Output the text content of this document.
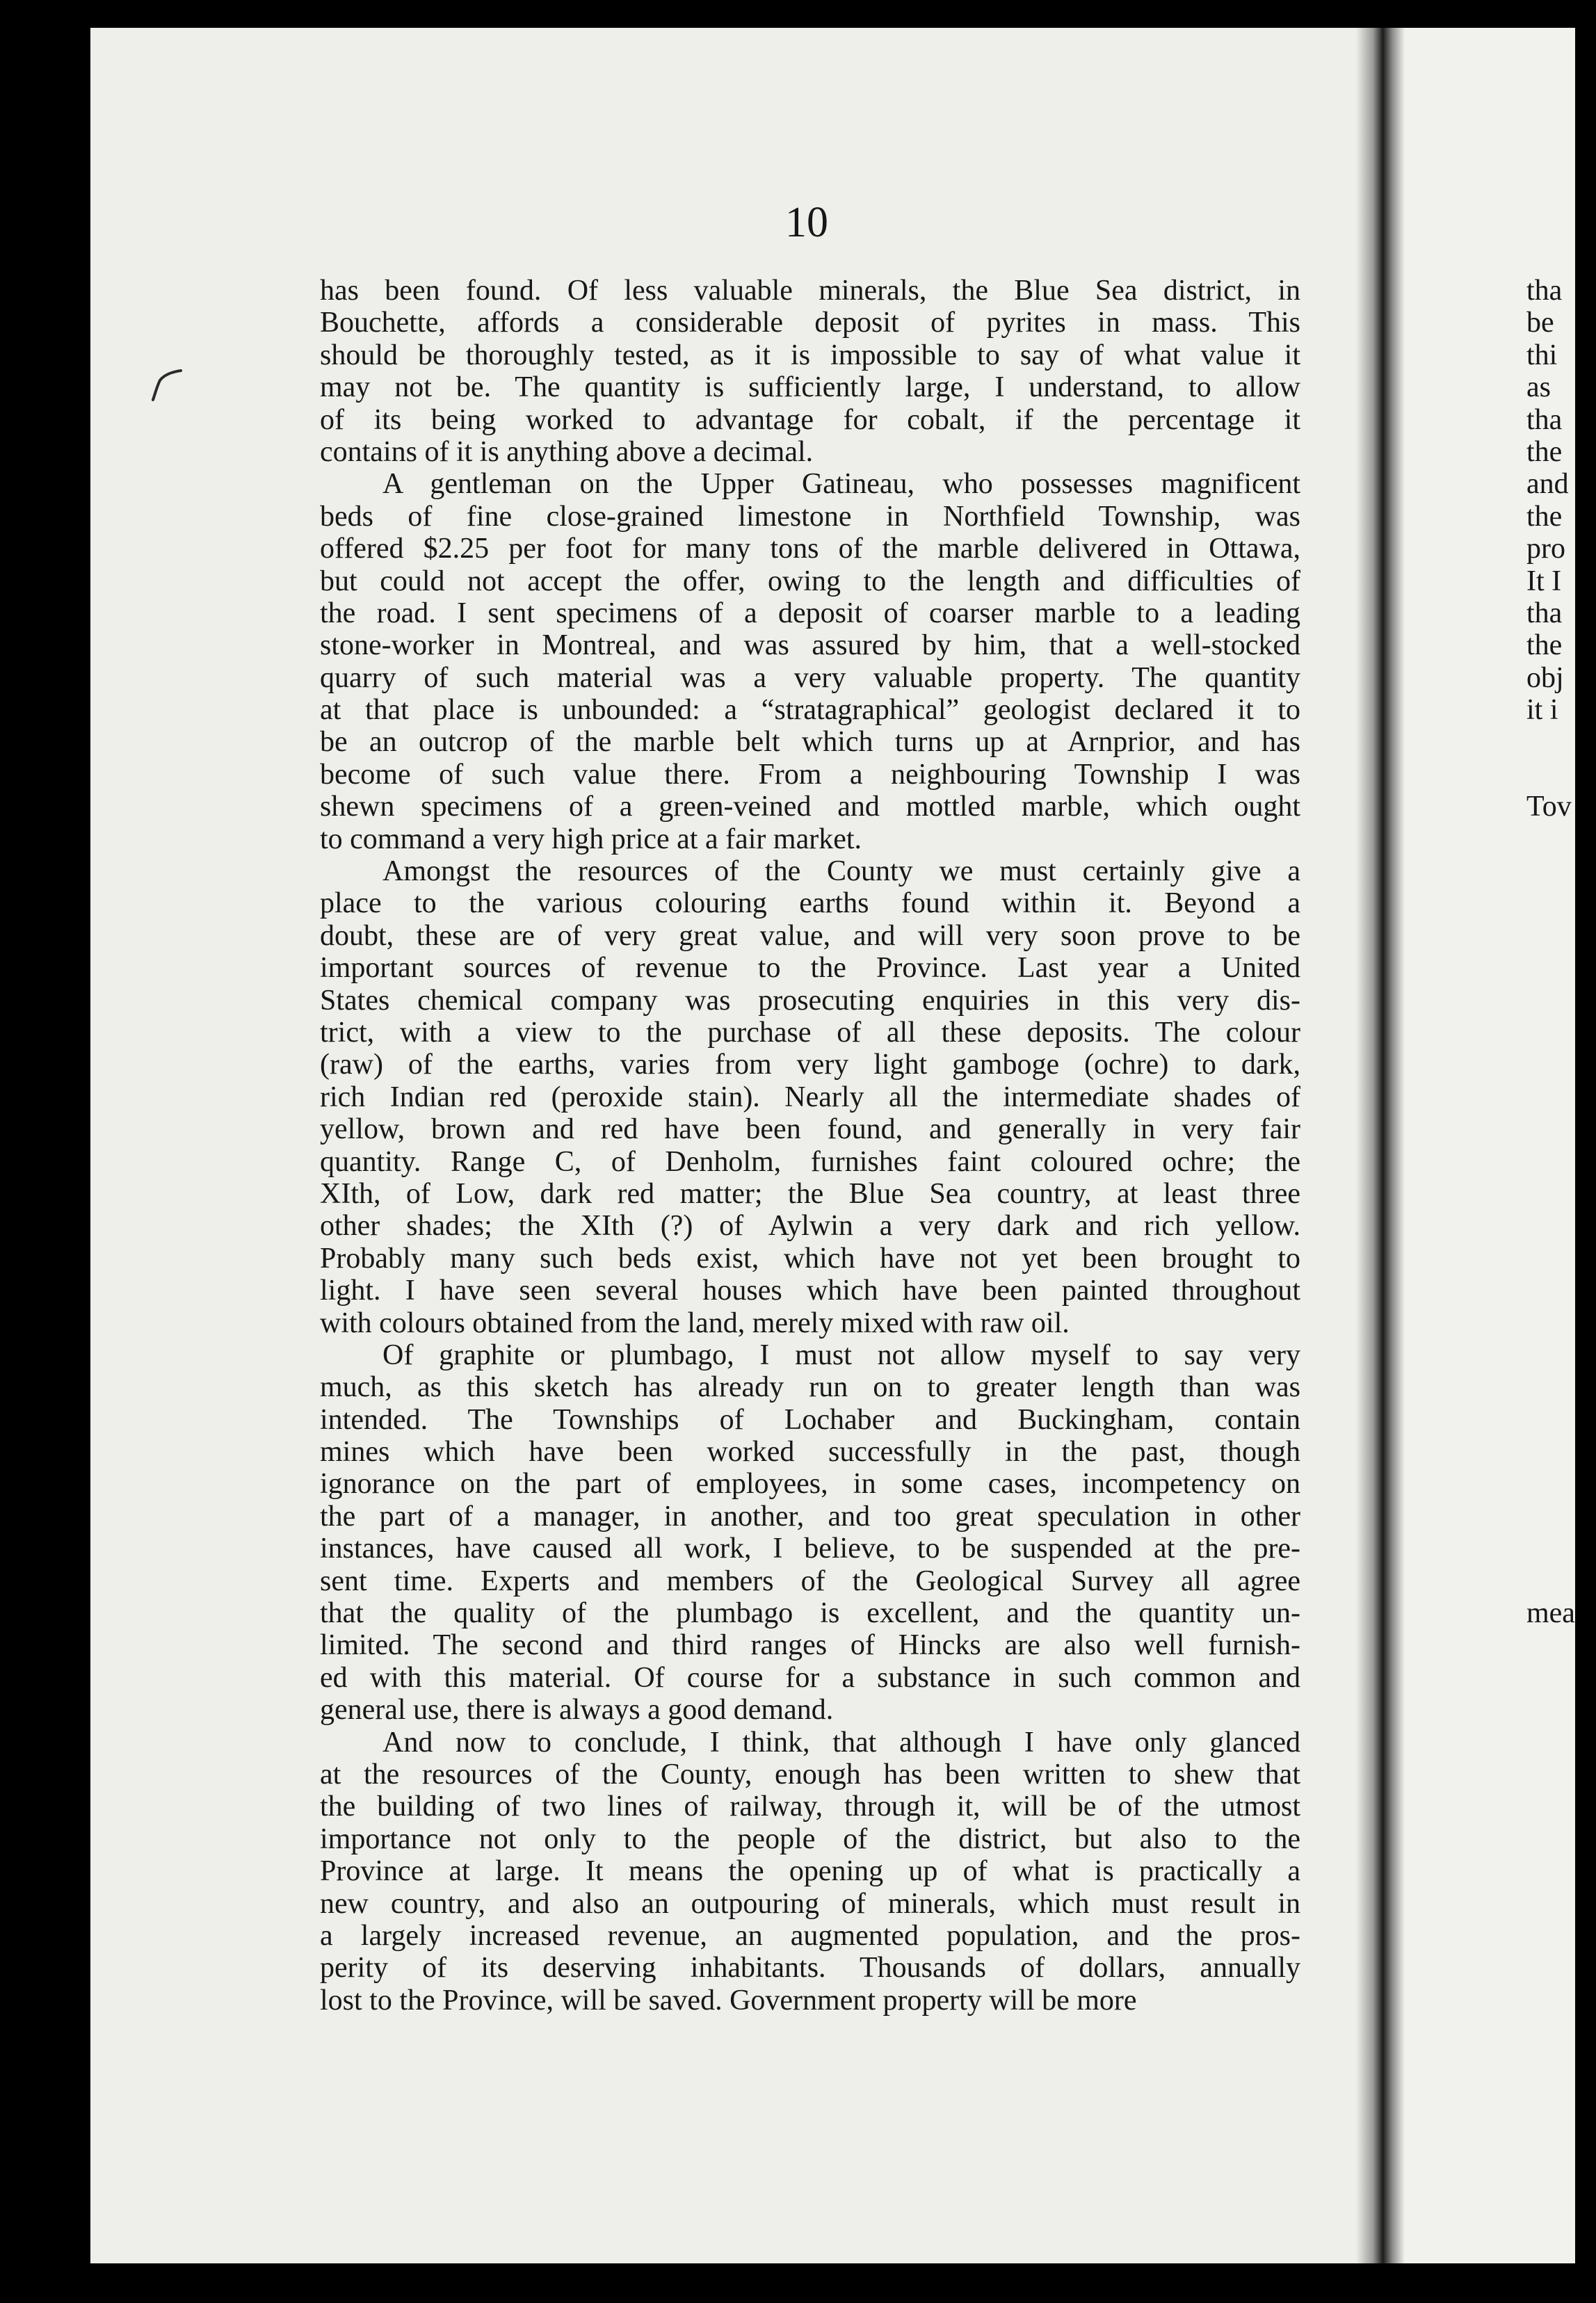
10
has been found. Of less valuable minerals, the Blue Sea district, in
Bouchette, affords a considerable deposit of pyrites in mass. This
should be thoroughly tested, as it is impossible to say of what value it
may not be. The quantity is sufficiently large, I understand, to allow
of its being worked to advantage for cobalt, if the percentage it
contains of it is anything above a decimal.
A gentleman on the Upper Gatineau, who possesses magnificent
beds of fine close-grained limestone in Northfield Township, was
offered $2.25 per foot for many tons of the marble delivered in Ottawa,
but could not accept the offer, owing to the length and difficulties of
the road. I sent specimens of a deposit of coarser marble to a leading
stone-worker in Montreal, and was assured by him, that a well-stocked
quarry of such material was a very valuable property. The quantity
at that place is unbounded: a “stratagraphical” geologist declared it to
be an outcrop of the marble belt which turns up at Arnprior, and has
become of such value there. From a neighbouring Township I was
shewn specimens of a green-veined and mottled marble, which ought
to command a very high price at a fair market.
Amongst the resources of the County we must certainly give a
place to the various colouring earths found within it. Beyond a
doubt, these are of very great value, and will very soon prove to be
important sources of revenue to the Province. Last year a United
States chemical company was prosecuting enquiries in this very dis-
trict, with a view to the purchase of all these deposits. The colour
(raw) of the earths, varies from very light gamboge (ochre) to dark,
rich Indian red (peroxide stain). Nearly all the intermediate shades of
yellow, brown and red have been found, and generally in very fair
quantity. Range C, of Denholm, furnishes faint coloured ochre; the
XIth, of Low, dark red matter; the Blue Sea country, at least three
other shades; the XIth (?) of Aylwin a very dark and rich yellow.
Probably many such beds exist, which have not yet been brought to
light. I have seen several houses which have been painted throughout
with colours obtained from the land, merely mixed with raw oil.
Of graphite or plumbago, I must not allow myself to say very
much, as this sketch has already run on to greater length than was
intended. The Townships of Lochaber and Buckingham, contain
mines which have been worked successfully in the past, though
ignorance on the part of employees, in some cases, incompetency on
the part of a manager, in another, and too great speculation in other
instances, have caused all work, I believe, to be suspended at the pre-
sent time. Experts and members of the Geological Survey all agree
that the quality of the plumbago is excellent, and the quantity un-
limited. The second and third ranges of Hincks are also well furnish-
ed with this material. Of course for a substance in such common and
general use, there is always a good demand.
And now to conclude, I think, that although I have only glanced
at the resources of the County, enough has been written to shew that
the building of two lines of railway, through it, will be of the utmost
importance not only to the people of the district, but also to the
Province at large. It means the opening up of what is practically a
new country, and also an outpouring of minerals, which must result in
a largely increased revenue, an augmented population, and the pros-
perity of its deserving inhabitants. Thousands of dollars, annually
lost to the Province, will be saved. Government property will be more
tha
be
thi
as
tha
the
and
the
pro
It I
tha
the
obj
it i
Tov
mea
